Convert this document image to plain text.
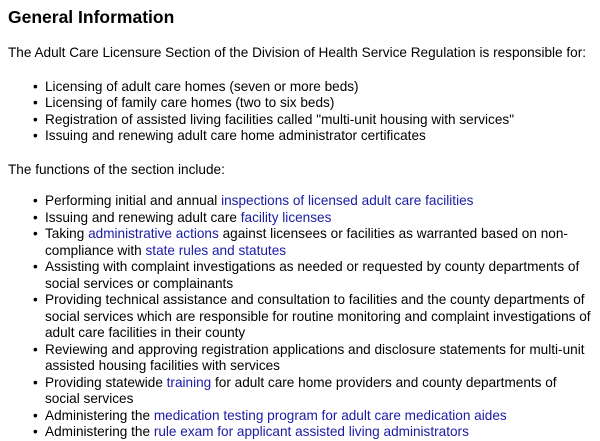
General Information

The Adult Care Licensure Section of the Division of Health Service Regulation is responsible for:

• Licensing of adult care homes (seven or more beds)
• Licensing of family care homes (two to six beds)
• Registration of assisted living facilities called "multi-unit housing with services"
• Issuing and renewing adult care home administrator certificates

The functions of the section include:

• Performing initial and annual inspections of licensed adult care facilities
• Issuing and renewing adult care facility licenses
• Taking administrative actions against licensees or facilities as warranted based on non-compliance with state rules and statutes
• Assisting with complaint investigations as needed or requested by county departments of social services or complainants
• Providing technical assistance and consultation to facilities and the county departments of social services which are responsible for routine monitoring and complaint investigations of adult care facilities in their county
• Reviewing and approving registration applications and disclosure statements for multi-unit assisted housing facilities with services
• Providing statewide training for adult care home providers and county departments of social services
• Administering the medication testing program for adult care medication aides
• Administering the rule exam for applicant assisted living administrators
